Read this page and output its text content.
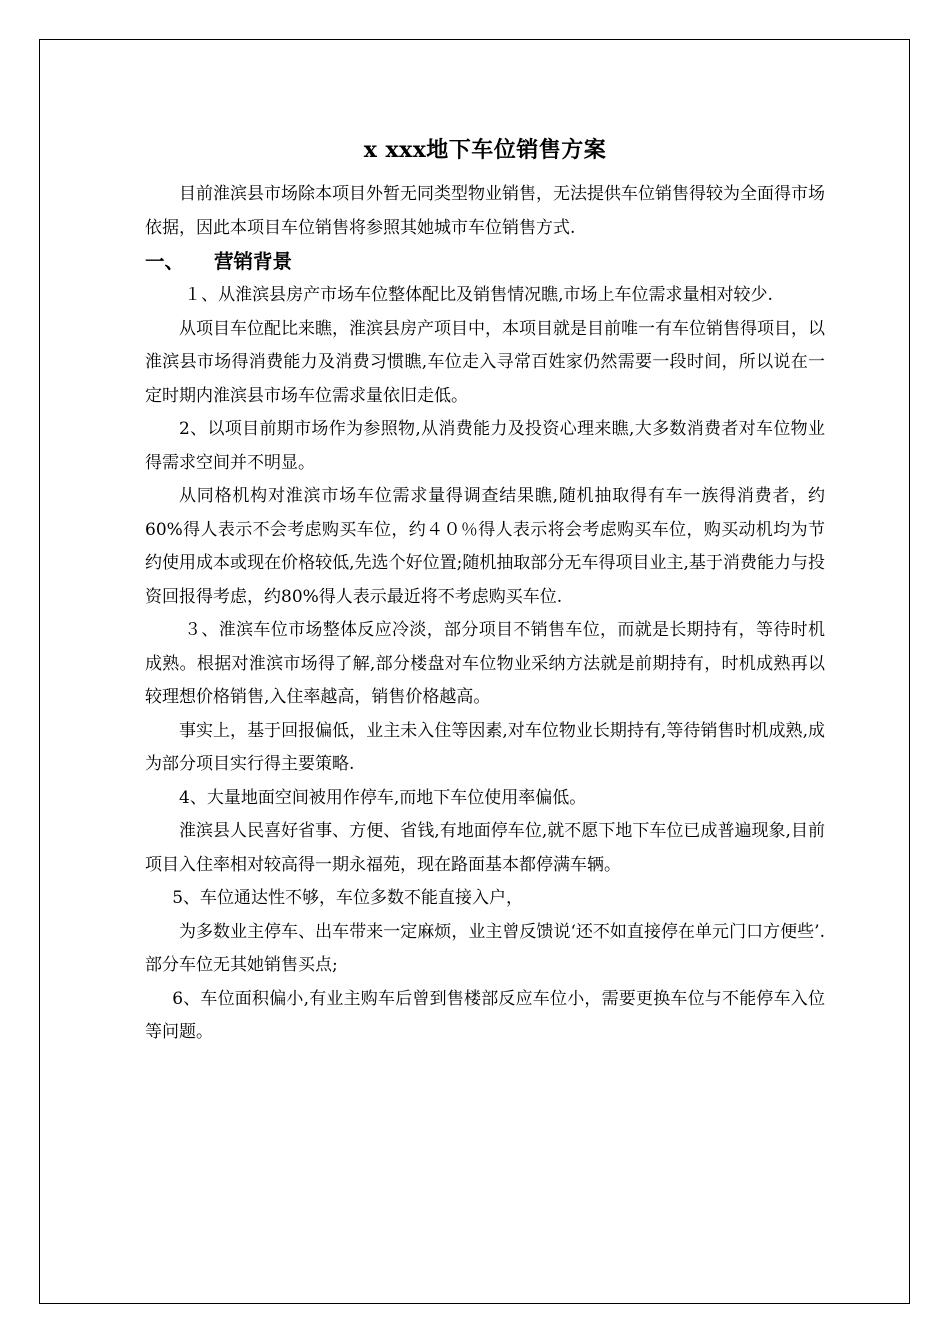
x xxx地下车位销售方案

目前淮滨县市场除本项目外暂无同类型物业销售，无法提供车位销售得较为全面得市场依据，因此本项目车位销售将参照其她城市车位销售方式.

一、	营销背景

１、从淮滨县房产市场车位整体配比及销售情况瞧,市场上车位需求量相对较少.

从项目车位配比来瞧，淮滨县房产项目中，本项目就是目前唯一有车位销售得项目，以淮滨县市场得消费能力及消费习惯瞧,车位走入寻常百姓家仍然需要一段时间，所以说在一定时期内淮滨县市场车位需求量依旧走低。

2、以项目前期市场作为参照物,从消费能力及投资心理来瞧,大多数消费者对车位物业得需求空间并不明显。

从同格机构对淮滨市场车位需求量得调查结果瞧,随机抽取得有车一族得消费者，约60%得人表示不会考虑购买车位，约４０％得人表示将会考虑购买车位，购买动机均为节约使用成本或现在价格较低,先选个好位置;随机抽取部分无车得项目业主,基于消费能力与投资回报得考虑，约80%得人表示最近将不考虑购买车位.

３、淮滨车位市场整体反应冷淡，部分项目不销售车位，而就是长期持有，等待时机成熟。根据对淮滨市场得了解,部分楼盘对车位物业采纳方法就是前期持有，时机成熟再以较理想价格销售,入住率越高，销售价格越高。

事实上，基于回报偏低，业主未入住等因素,对车位物业长期持有,等待销售时机成熟,成为部分项目实行得主要策略.

4、大量地面空间被用作停车,而地下车位使用率偏低。

淮滨县人民喜好省事、方便、省钱,有地面停车位,就不愿下地下车位已成普遍现象,目前项目入住率相对较高得一期永福苑，现在路面基本都停满车辆。

5、车位通达性不够，车位多数不能直接入户，

为多数业主停车、出车带来一定麻烦，业主曾反馈说‘还不如直接停在单元门口方便些’.部分车位无其她销售买点;

6、车位面积偏小,有业主购车后曾到售楼部反应车位小，需要更换车位与不能停车入位等问题。
